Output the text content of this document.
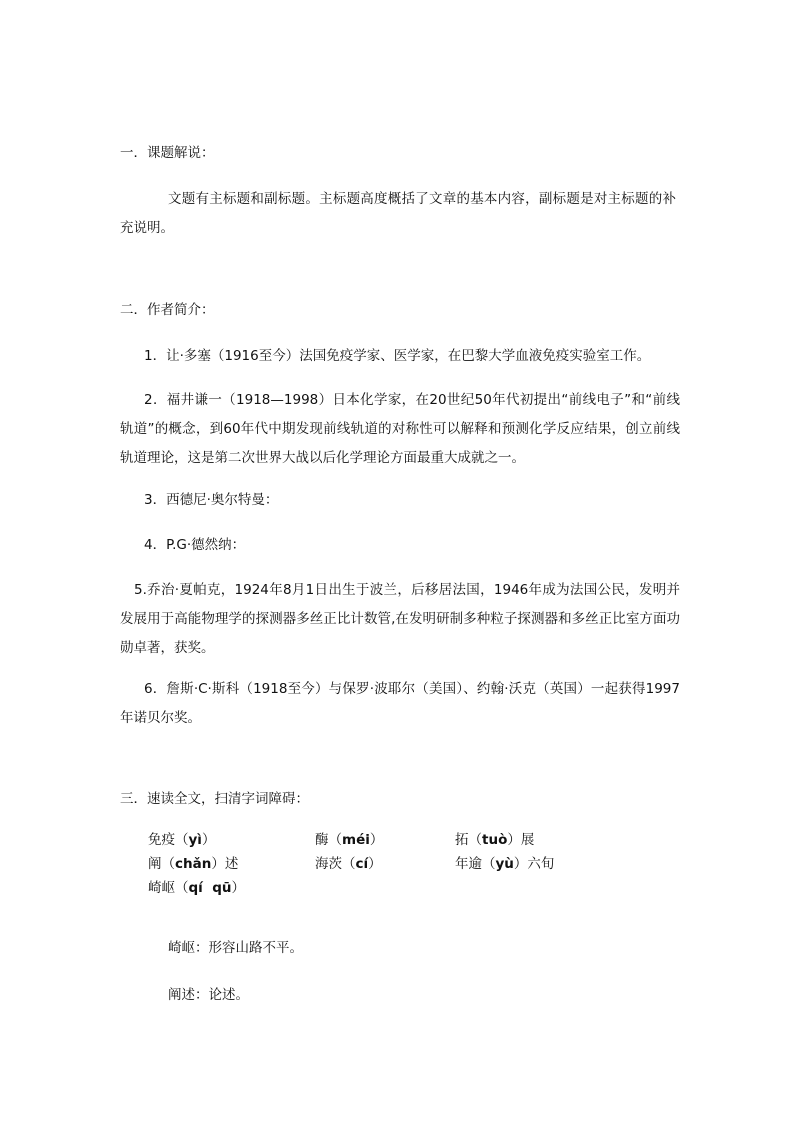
一．课题解说：
文题有主标题和副标题。主标题高度概括了文章的基本内容，副标题是对主标题的补充说明。
二．作者简介：
1．让·多塞（1916至今）法国免疫学家、医学家，在巴黎大学血液免疫实验室工作。
2．福井谦一（1918—1998）日本化学家，在20世纪50年代初提出“前线电子”和“前线轨道”的概念，到60年代中期发现前线轨道的对称性可以解释和预测化学反应结果，创立前线轨道理论，这是第二次世界大战以后化学理论方面最重大成就之一。
3．西德尼·奥尔特曼：
4．P.G·德然纳：
5.乔治·夏帕克，1924年8月1日出生于波兰，后移居法国，1946年成为法国公民，发明并发展用于高能物理学的探测器多丝正比计数管,在发明研制多种粒子探测器和多丝正比室方面功勋卓著，获奖。
6．詹斯·C·斯科（1918至今）与保罗·波耶尔（美国）、约翰·沃克（英国）一起获得1997年诺贝尔奖。
三．速读全文，扫清字词障碍：
免疫（yì）	酶（méi）	拓（tuò）展
阐（chǎn）述	海茨（cí）	年逾（yù）六旬
崎岖（qí  qū）
崎岖：形容山路不平。
阐述：论述。
